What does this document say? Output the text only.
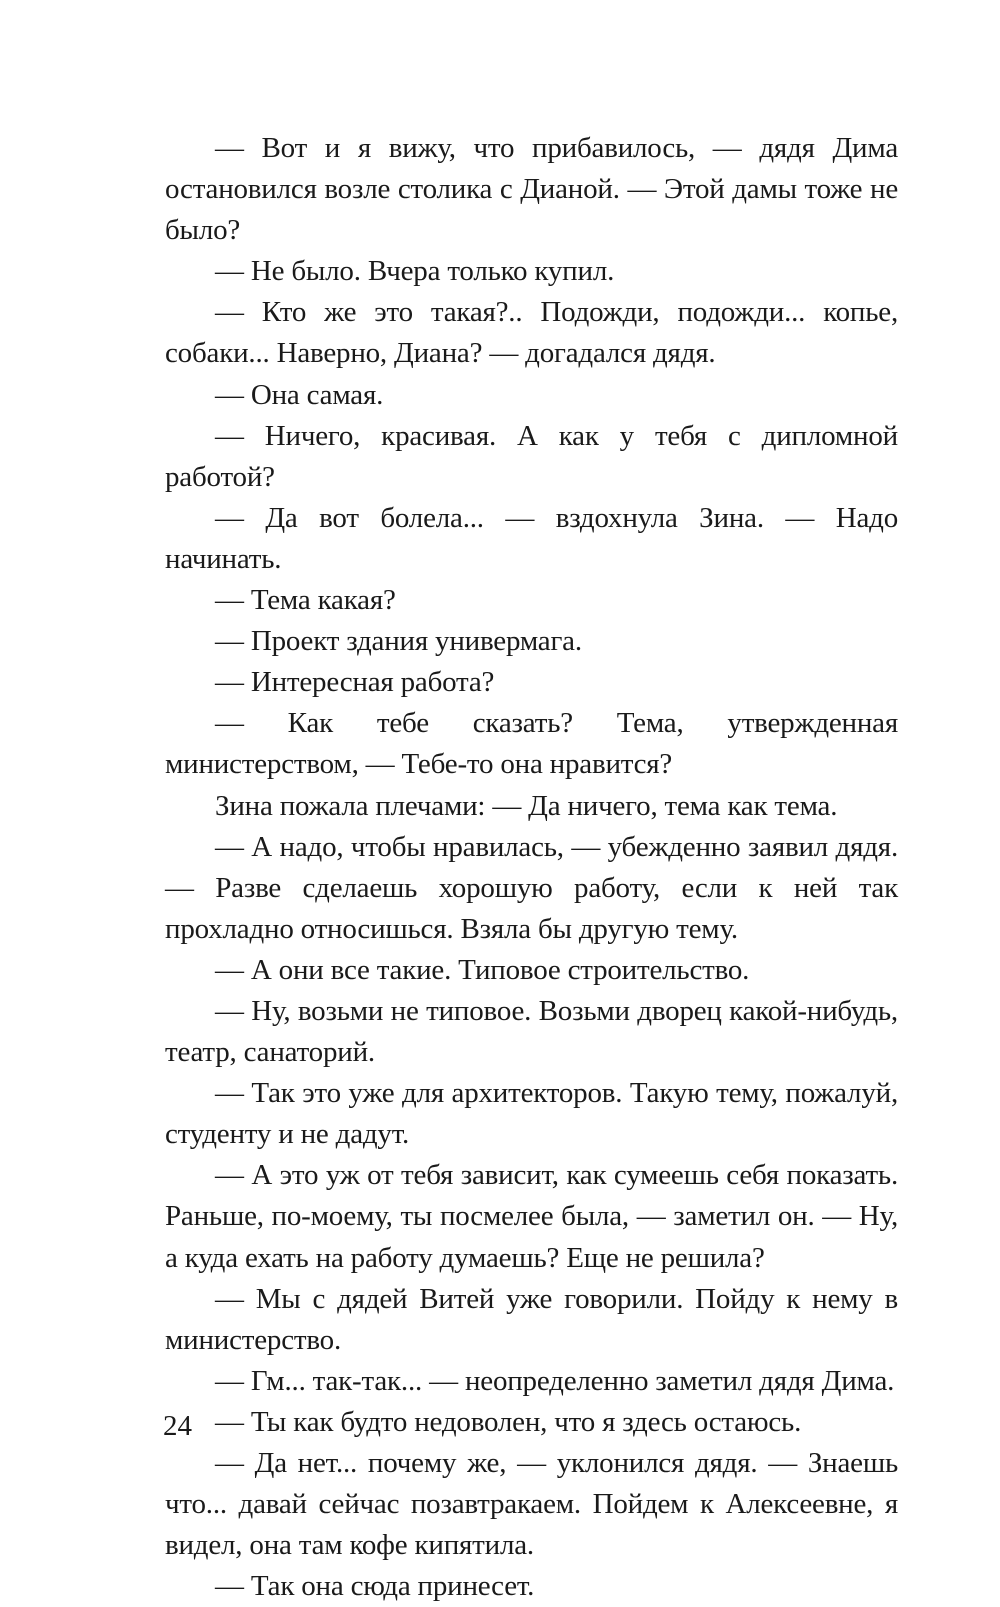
— Вот и я вижу, что прибавилось, — дядя Дима остановился возле столика с Дианой. — Этой дамы тоже не было?

— Не было. Вчера только купил.

— Кто же это такая?.. Подожди, подожди... копье, собаки... Наверно, Диана? — догадался дядя.

— Она самая.

— Ничего, красивая. А как у тебя с дипломной работой?

— Да вот болела... — вздохнула Зина. — Надо начинать.

— Тема какая?

— Проект здания универмага.

— Интересная работа?

— Как тебе сказать? Тема, утвержденная министерством, — Тебе-то она нравится?

Зина пожала плечами: — Да ничего, тема как тема.

— А надо, чтобы нравилась, — убежденно заявил дядя. — Разве сделаешь хорошую работу, если к ней так прохладно относишься. Взяла бы другую тему.

— А они все такие. Типовое строительство.

— Ну, возьми не типовое. Возьми дворец какой-нибудь, театр, санаторий.

— Так это уже для архитекторов. Такую тему, пожалуй, студенту и не дадут.

— А это уж от тебя зависит, как сумеешь себя показать. Раньше, по-моему, ты посмелее была, — заметил он. — Ну, а куда ехать на работу думаешь? Еще не решила?

— Мы с дядей Витей уже говорили. Пойду к нему в министерство.

— Гм... так-так... — неопределенно заметил дядя Дима.

— Ты как будто недоволен, что я здесь остаюсь.

— Да нет... почему же, — уклонился дядя. — Знаешь что... давай сейчас позавтракаем. Пойдем к Алексеевне, я видел, она там кофе кипятила.

— Так она сюда принесет.

24
